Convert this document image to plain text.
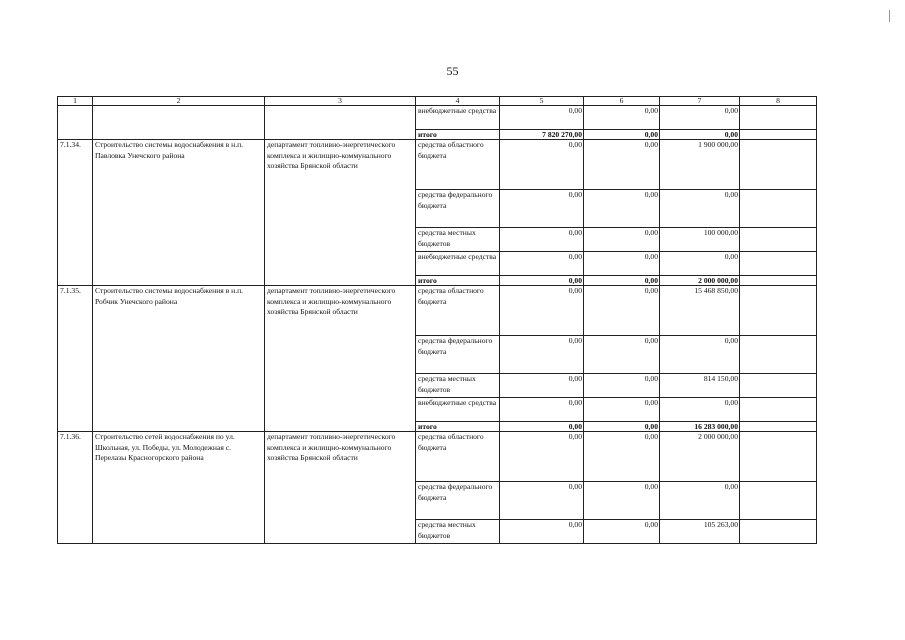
55
1	2	3	4	5	6	7	8
			внебюджетные средства	0,00	0,00	0,00	
			итого	7 820 270,00	0,00	0,00	
7.1.34.	Строительство системы водоснабжения в н.п. Павловка Унечского района	департамент топливно-энергетического комплекса и жилищно-коммунального хозяйства Брянской области	средства областного бюджета	0,00	0,00	1 900 000,00	
			средства федерального бюджета	0,00	0,00	0,00	
			средства местных бюджетов	0,00	0,00	100 000,00	
			внебюджетные средства	0,00	0,00	0,00	
			итого	0,00	0,00	2 000 000,00	
7.1.35.	Строительство системы водоснабжения в н.п. Робчик Унечского района	департамент топливно-энергетического комплекса и жилищно-коммунального хозяйства Брянской области	средства областного бюджета	0,00	0,00	15 468 850,00	
			средства федерального бюджета	0,00	0,00	0,00	
			средства местных бюджетов	0,00	0,00	814 150,00	
			внебюджетные средства	0,00	0,00	0,00	
			итого	0,00	0,00	16 283 000,00	
7.1.36.	Строительство сетей водоснабжения по ул. Школьная, ул. Победы, ул. Молодежная с. Перелазы Красногорского района	департамент топливно-энергетического комплекса и жилищно-коммунального хозяйства Брянской области	средства областного бюджета	0,00	0,00	2 000 000,00	
			средства федерального бюджета	0,00	0,00	0,00	
			средства местных бюджетов	0,00	0,00	105 263,00	
